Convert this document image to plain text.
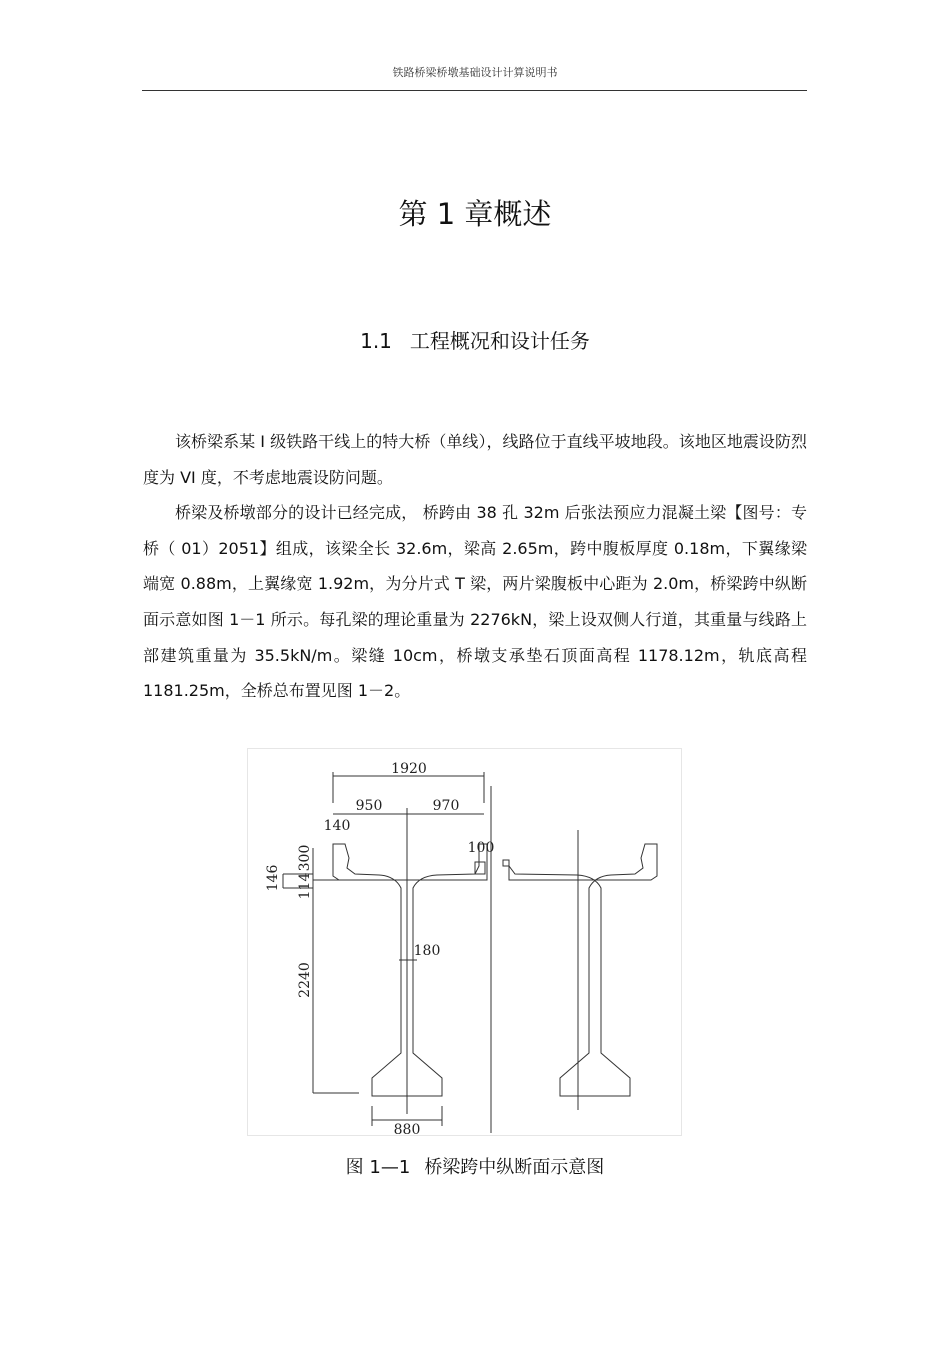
铁路桥梁桥墩基础设计计算说明书
第 1 章概述
1.1 工程概况和设计任务

该桥梁系某 I 级铁路干线上的特大桥（单线），线路位于直线平坡地段。该地区地震设防烈度为 VI 度，不考虑地震设防问题。

桥梁及桥墩部分的设计已经完成， 桥跨由 38 孔 32m 后张法预应力混凝土梁【图号：专桥（ 01）2051】组成，该梁全长 32.6m，梁高 2.65m，跨中腹板厚度 0.18m，下翼缘梁端宽 0.88m，上翼缘宽 1.92m，为分片式 T 梁，两片梁腹板中心距为 2.0m，桥梁跨中纵断面示意如图 1－1 所示。每孔梁的理论重量为 2276kN，梁上设双侧人行道，其重量与线路上部建筑重量为 35.5kN/m。梁缝 10cm，桥墩支承垫石顶面高程 1178.12m，轨底高程 1181.25m，全桥总布置见图 1－2。

1920
950	970
140
100
300
146 114
180
2240
880
图 1—1 桥梁跨中纵断面示意图
